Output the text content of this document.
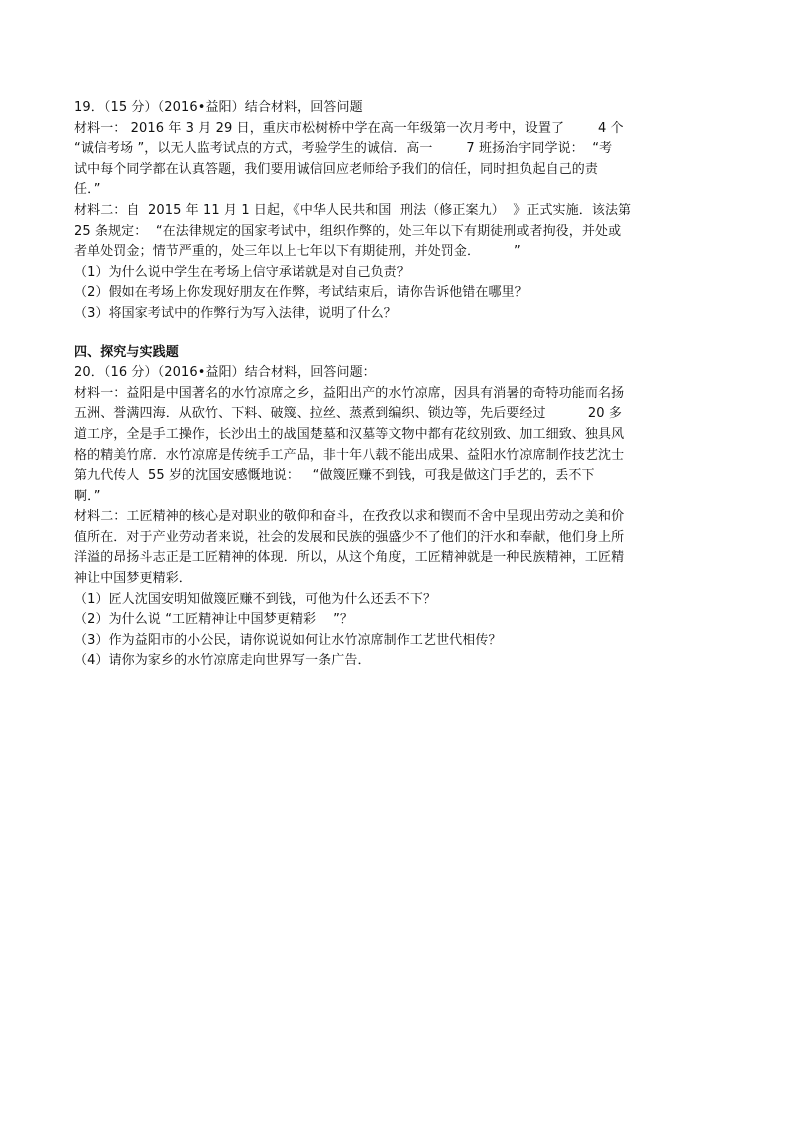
19．（15 分）（2016•益阳）结合材料，回答问题

材料一： 2016 年 3 月 29 日，重庆市松树桥中学在高一年级第一次月考中，设置了        4 个

“诚信考场 ”，以无人监考试点的方式，考验学生的诚信．高一        7 班扬治宇同学说：  “考

试中每个同学都在认真答题，我们要用诚信回应老师给予我们的信任，同时担负起自己的责

任．”

材料二：自  2015 年 11 月 1 日起，《中华人民共和国  刑法（修正案九）  》正式实施．该法第

25 条规定：  “在法律规定的国家考试中，组织作弊的，处三年以下有期徒刑或者拘役，并处或

者单处罚金；情节严重的，处三年以上七年以下有期徒刑，并处罚金．        ”

（1）为什么说中学生在考场上信守承诺就是对自己负责？

（2）假如在考场上你发现好朋友在作弊，考试结束后，请你告诉他错在哪里？

（3）将国家考试中的作弊行为写入法律，说明了什么？

四、探究与实践题

20．（16 分）（2016•益阳）结合材料，回答问题：

材料一：益阳是中国著名的水竹凉席之乡，益阳出产的水竹凉席，因具有消暑的奇特功能而名扬

五洲、誉满四海．从砍竹、下料、破篾、拉丝、蒸煮到编织、锁边等，先后要经过          20 多

道工序，全是手工操作，长沙出土的战国楚墓和汉墓等文物中都有花纹别致、加工细致、独具风

格的精美竹席．水竹凉席是传统手工产品，非十年八载不能出成果、益阳水竹凉席制作技艺沈士

第九代传人  55 岁的沈国安感慨地说：   “做篾匠赚不到钱，可我是做这门手艺的，丢不下

啊．”

材料二：工匠精神的核心是对职业的敬仰和奋斗，在孜孜以求和锲而不舍中呈现出劳动之美和价

值所在．对于产业劳动者来说，社会的发展和民族的强盛少不了他们的汗水和奉献，他们身上所

洋溢的昂扬斗志正是工匠精神的体现．所以，从这个角度，工匠精神就是一种民族精神，工匠精

神让中国梦更精彩．

（1）匠人沈国安明知做篾匠赚不到钱，可他为什么还丢不下？

（2）为什么说 “工匠精神让中国梦更精彩    ”？

（3）作为益阳市的小公民，请你说说如何让水竹凉席制作工艺世代相传？

（4）请你为家乡的水竹凉席走向世界写一条广告．
